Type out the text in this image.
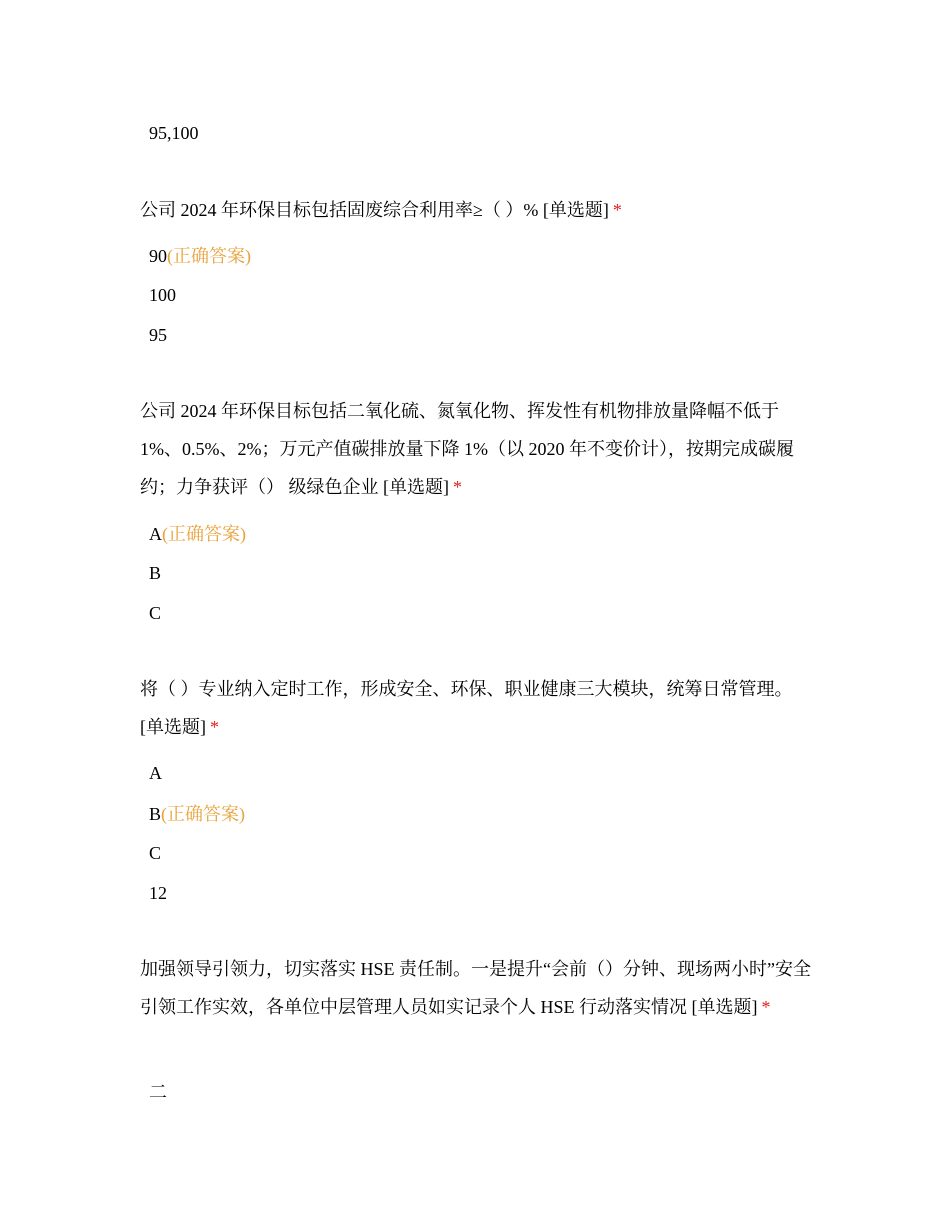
95,100
公司 2024 年环保目标包括固废综合利用率≥（ ）% [单选题] *
90(正确答案)
100
95
公司 2024 年环保目标包括二氧化硫、氮氧化物、挥发性有机物排放量降幅不低于 1%、0.5%、2%；万元产值碳排放量下降 1%（以 2020 年不变价计），按期完成碳履约；力争获评（） 级绿色企业 [单选题] *
A(正确答案)
B
C
将（ ）专业纳入定时工作，形成安全、环保、职业健康三大模块，统筹日常管理。 [单选题] *
A
B(正确答案)
C
12
加强领导引领力，切实落实 HSE 责任制。一是提升“会前（）分钟、现场两小时”安全引领工作实效，各单位中层管理人员如实记录个人 HSE 行动落实情况 [单选题] *
二
